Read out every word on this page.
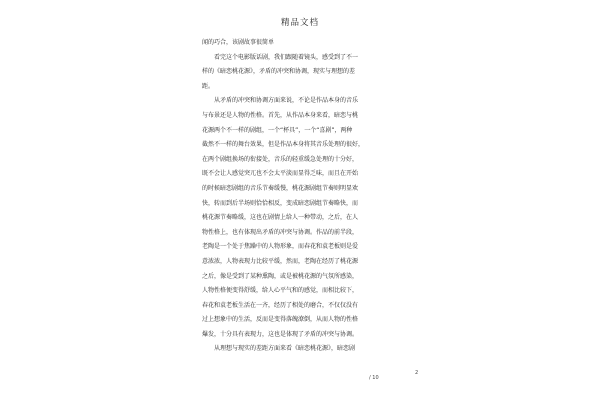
精品文档
闻的巧合，该剧故事很简单
看完这个电影版话剧，我们跟随着镜头，感受到了不一
样的《暗恋桃花源》，矛盾的冲突和协调，现实与理想的差
距。
从矛盾的冲突和协调方面来说，不论是作品本身的音乐
与布景还是人物的性格。首先，从作品本身来看，暗恋与桃
花源两个不一样的剧组，一个“杯具”，一个“喜剧”，两种
截然不一样的舞台效果，但是作品本身将其音乐处理的很好，
在两个剧组换场的衔接处，音乐的轻重缓急处理的十分好，
既不会让人感觉突兀也不会太平淡而显得乏味，而且在开始
的时候暗恋剧组的音乐节奏缓慢，桃花源剧组节奏则明显欢
快，转而到后半场则恰恰相反，变成暗恋剧组节奏略快，而
桃花源节奏略缓，这也在剧情上给人一种带动，之后，在人
物性格上，也有体现出矛盾的冲突与协调。作品的前半段，
老陶是一个处于焦躁中的人物形象，而春花和袁老板则是爱
意浓浓，人物表现力比较平缓，然而，老陶在经历了桃花源
之后，像是受到了某种熏陶，或是被桃花源的气氛所感染，
人物性格便变得舒缓，给人心平气和的感觉，而相比较下，
春花和袁老板生活在一齐，经历了相处的磨合，不仅仅没有
过上想象中的生活，反而是变得落魄潦倒，从而人物的性格
爆发，十分具有表现力，这也是体现了矛盾的冲突与协调。
从理想与现实的差距方面来看《暗恋桃花源》，暗恋剧
/ 10
2
